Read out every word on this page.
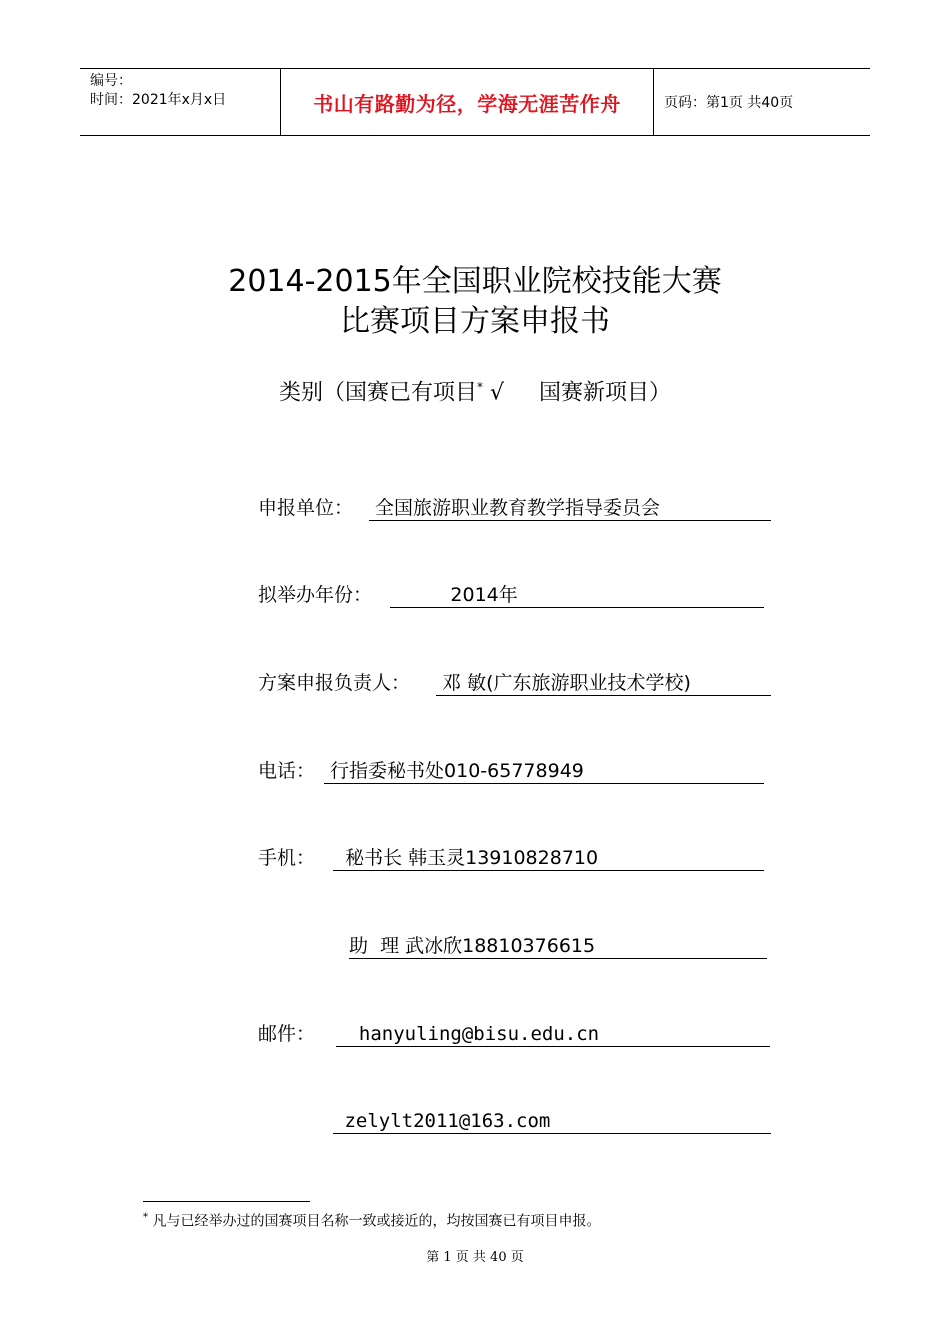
编号：
时间：2021年x月x日	书山有路勤为径，学海无涯苦作舟	页码：第1页 共40页
2014-2015年全国职业院校技能大赛
比赛项目方案申报书
类别（国赛已有项目* √     国赛新项目）
申报单位： 全国旅游职业教育教学指导委员会
拟举办年份： 2014年
方案申报负责人： 邓 敏(广东旅游职业技术学校)
电话： 行指委秘书处010-65778949
手机： 秘书长 韩玉灵13910828710
助  理 武冰欣18810376615
邮件： hanyuling@bisu.edu.cn
zelylt2011@163.com
* 凡与已经举办过的国赛项目名称一致或接近的，均按国赛已有项目申报。
第 1 页 共 40 页
